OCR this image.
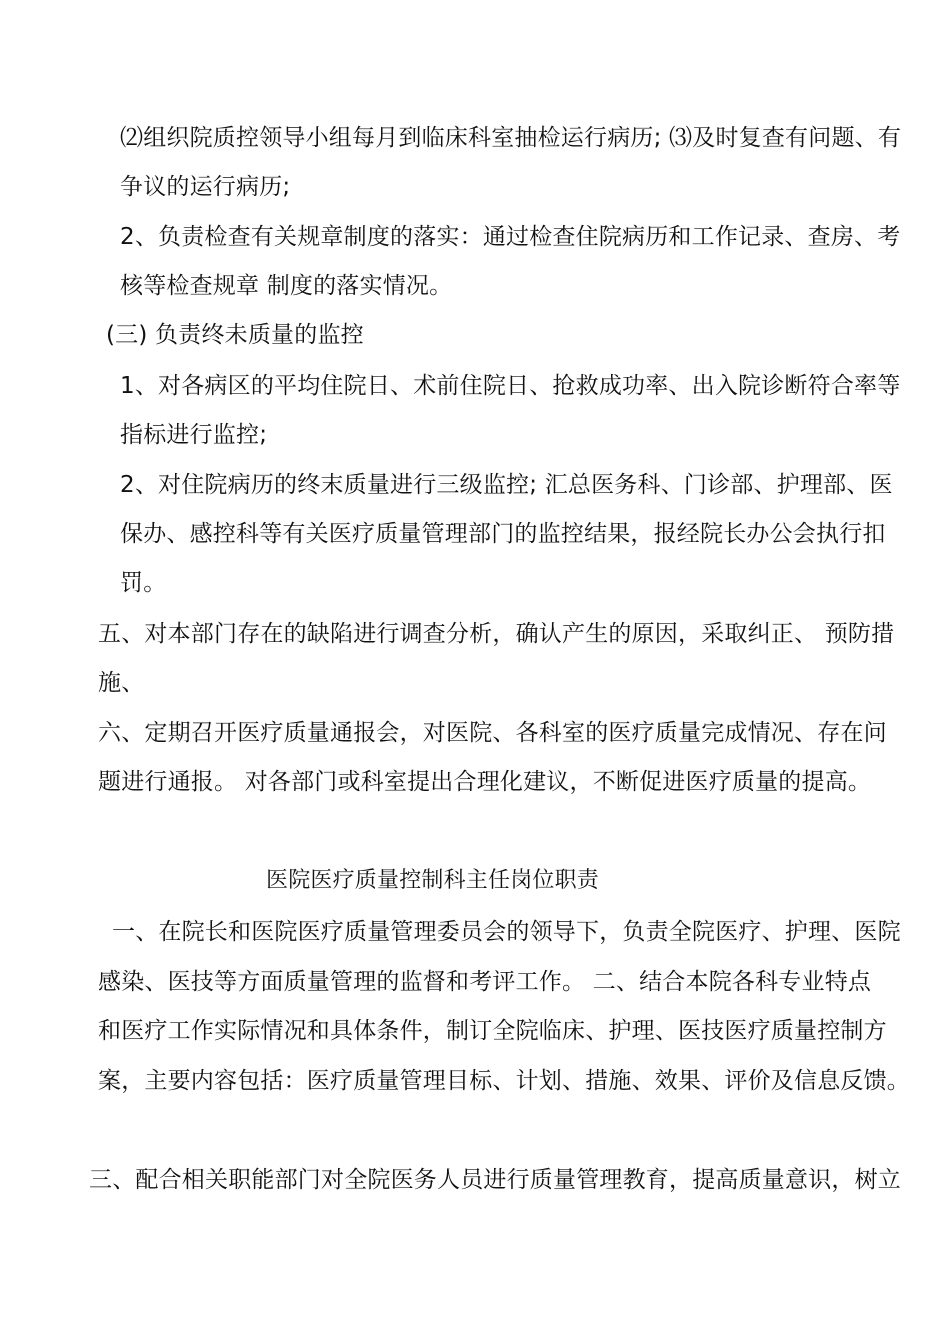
⑵组织院质控领导小组每月到临床科室抽检运行病历; ⑶及时复查有问题、有
争议的运行病历;
2、负责检查有关规章制度的落实：通过检查住院病历和工作记录、查房、考
核等检查规章 制度的落实情况。
(三) 负责终未质量的监控
1、对各病区的平均住院日、术前住院日、抢救成功率、出入院诊断符合率等
指标进行监控;
2、对住院病历的终末质量进行三级监控; 汇总医务科、门诊部、护理部、医
保办、感控科等有关医疗质量管理部门的监控结果，报经院长办公会执行扣
罚。
五、对本部门存在的缺陷进行调查分析，确认产生的原因，采取纠正、 预防措
施、
六、定期召开医疗质量通报会，对医院、各科室的医疗质量完成情况、存在问
题进行通报。 对各部门或科室提出合理化建议，不断促进医疗质量的提高。
医院医疗质量控制科主任岗位职责
一、在院长和医院医疗质量管理委员会的领导下，负责全院医疗、护理、医院
感染、医技等方面质量管理的监督和考评工作。 二、结合本院各科专业特点
和医疗工作实际情况和具体条件，制订全院临床、护理、医技医疗质量控制方
案，主要内容包括：医疗质量管理目标、计划、措施、效果、评价及信息反馈。
三、配合相关职能部门对全院医务人员进行质量管理教育，提高质量意识，树立
